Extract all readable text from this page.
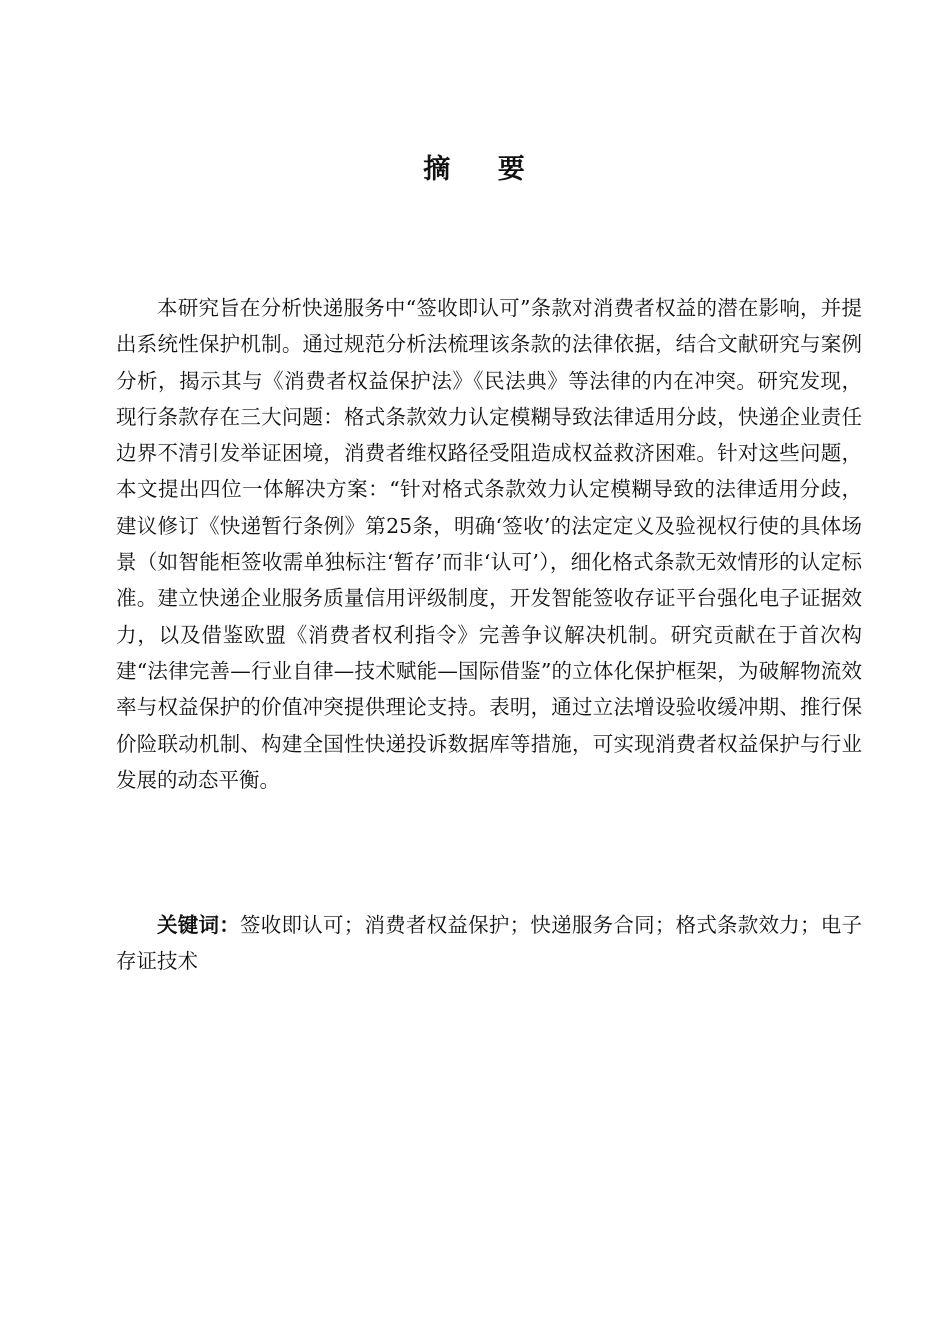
摘    要

本研究旨在分析快递服务中“签收即认可”条款对消费者权益的潜在影响，并提出系统性保护机制。通过规范分析法梳理该条款的法律依据，结合文献研究与案例分析，揭示其与《消费者权益保护法》《民法典》等法律的内在冲突。研究发现，现行条款存在三大问题：格式条款效力认定模糊导致法律适用分歧，快递企业责任边界不清引发举证困境，消费者维权路径受阻造成权益救济困难。针对这些问题，本文提出四位一体解决方案：“针对格式条款效力认定模糊导致的法律适用分歧，建议修订《快递暂行条例》第25条，明确‘签收’的法定定义及验视权行使的具体场景（如智能柜签收需单独标注‘暂存’而非‘认可’），细化格式条款无效情形的认定标准。建立快递企业服务质量信用评级制度，开发智能签收存证平台强化电子证据效力，以及借鉴欧盟《消费者权利指令》完善争议解决机制。研究贡献在于首次构建“法律完善—行业自律—技术赋能—国际借鉴”的立体化保护框架，为破解物流效率与权益保护的价值冲突提供理论支持。表明，通过立法增设验收缓冲期、推行保价险联动机制、构建全国性快递投诉数据库等措施，可实现消费者权益保护与行业发展的动态平衡。

关键词：签收即认可；消费者权益保护；快递服务合同；格式条款效力；电子存证技术
